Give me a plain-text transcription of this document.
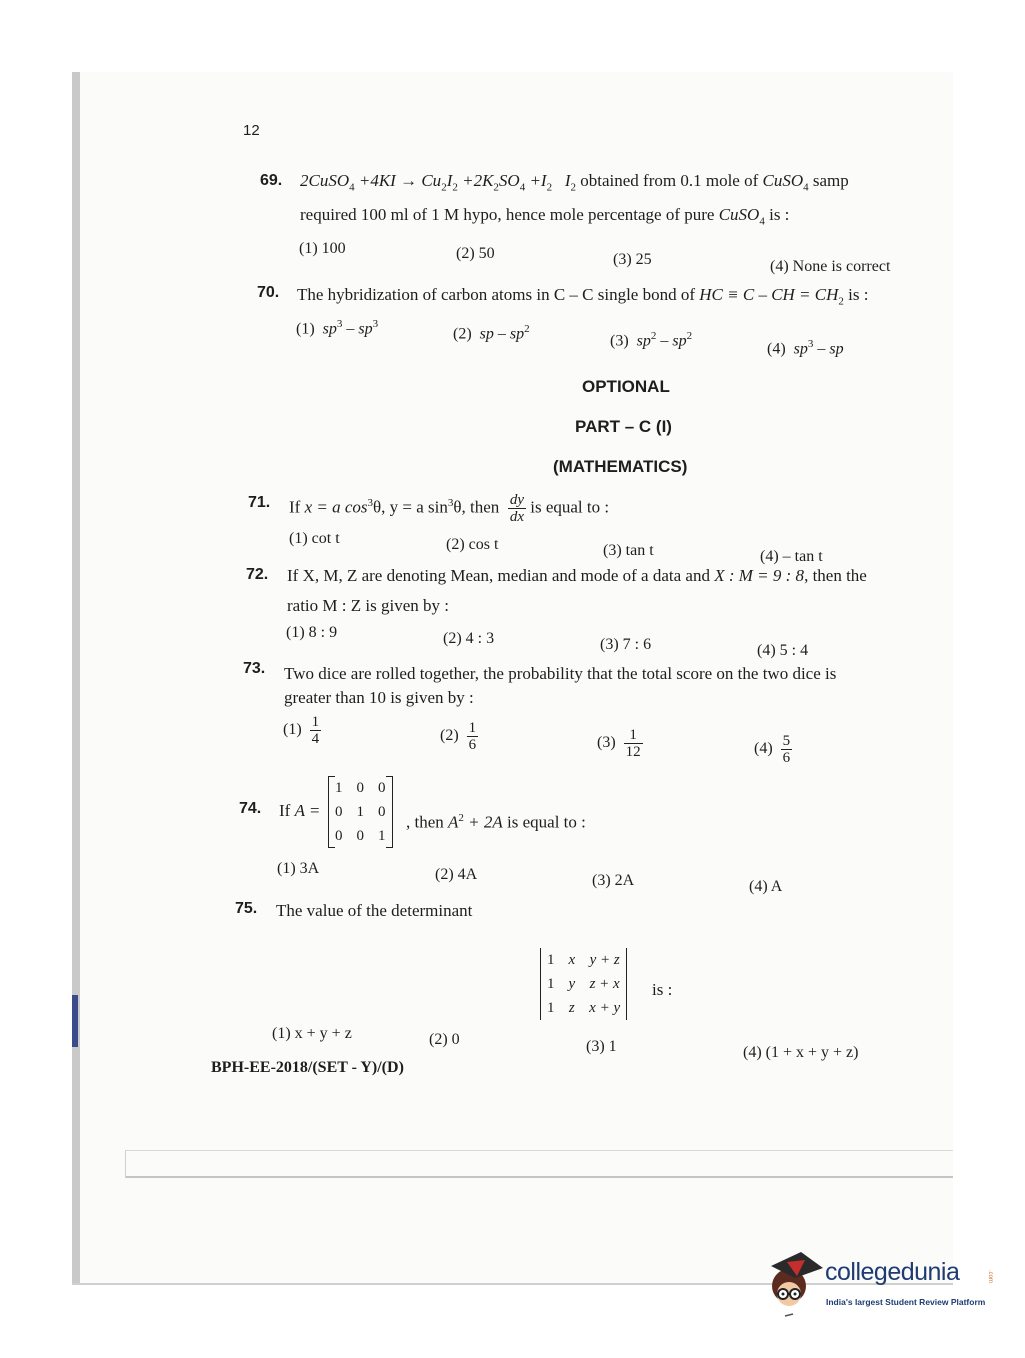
12
69. 2CuSO$_4$ $+4KI \to Cu_2I_2 +2K_2SO_4 +I_2$ $I_2$ obtained from 0.1 mole of CuSO$_4$ samp
required 100 ml of 1 M hypo, hence mole percentage of pure CuSO$_4$ is :
(1) 100	(2) 50	(3) 25	(4) None is correct
70. The hybridization of carbon atoms in C – C single bond of HC ≡ C – CH = $CH_2$ is :
(1) $sp^3 - sp^3$
(2) sp – $sp^2$
(3) $sp^2 - sp^2$
(4) $sp^3$ – sp
OPTIONAL
PART – C (I)
(MATHEMATICS)
71. If x = a $\cos^3\theta$, y = a $\sin^3\theta$, then $\frac{dy}{dx}$ is equal to :
(1) cot t	(2) cos t	(3) tan t	(4) – tan t
72. If X, M, Z are denoting Mean, median and mode of a data and X : M = 9 : 8, then the
ratio M : Z is given by :
(1) 8 : 9	(2) 4 : 3	(3) 7 : 6	(4) 5 : 4
73. Two dice are rolled together, the probability that the total score on the two dice is
greater than 10 is given by :
$(1) \frac{1}{4}$	$(2) \frac{1}{6}$	$(3) \frac{1}{12}$	$(4) \frac{5}{6}$
74. If A =
1	0	0
0	1	0
0	0	1
, then $A^2 + 2A$ is equal to :
(1) 3A	(2) 4A	(3) 2A	(4) A
75. The value of the determinant
1	x	y + z
1	y	z + x
1	z	x + y
is :
(1) x + y + z	(2) 0	(3) 1	(4) (1 + x + y + z)
BPH-EE-2018/(SET - Y)/(D)
collegedunia	.com
India's largest Student Review Platform
